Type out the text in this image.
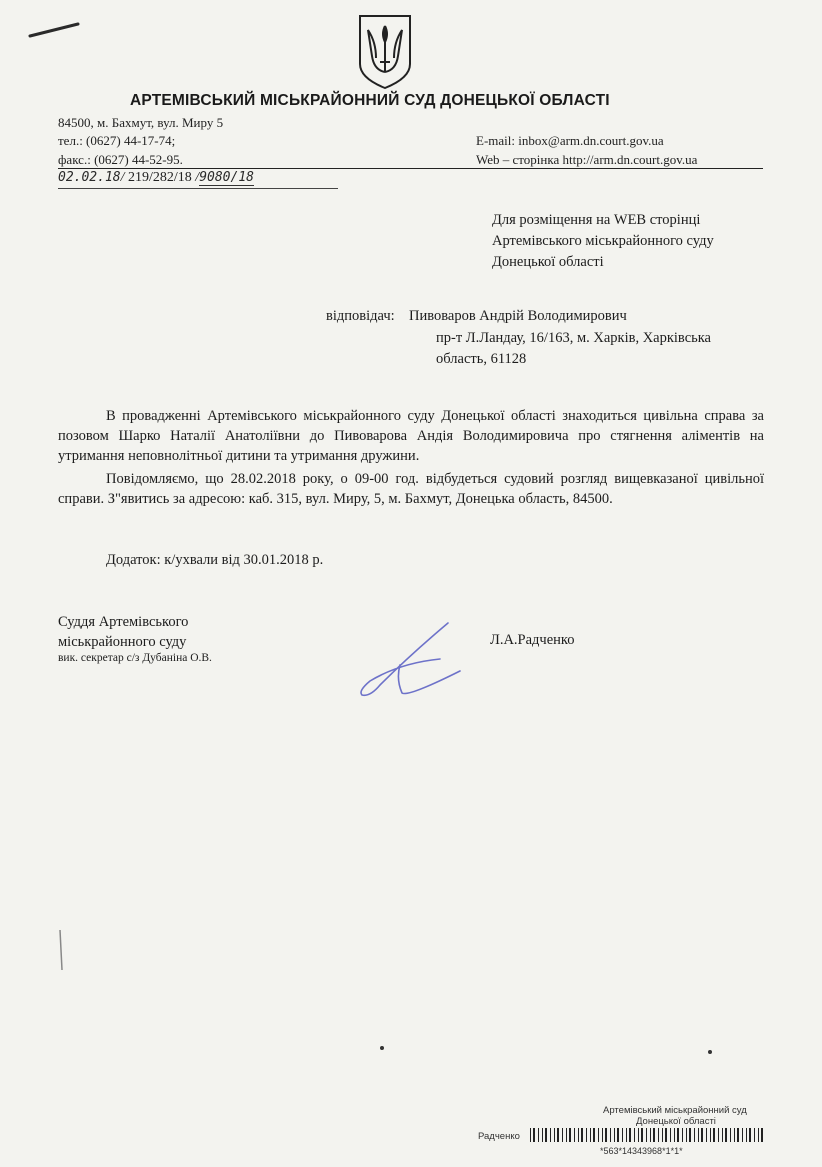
АРТЕМІВСЬКИЙ МІСЬКРАЙОННИЙ СУД ДОНЕЦЬКОЇ ОБЛАСТІ
84500, м. Бахмут, вул. Миру 5
тел.: (0627) 44-17-74;
факс.: (0627) 44-52-95.
E-mail: inbox@arm.dn.court.gov.ua
Web – сторінка http://arm.dn.court.gov.ua
02.02.18/ 219/282/18 /9080/18
Для розміщення на WEB сторінці
Артемівського міськрайонного суду
Донецької області
відповідач: Пивоваров Андрій Володимирович
пр-т Л.Ландау, 16/163, м. Харків, Харківська
область, 61128
В провадженні Артемівського міськрайонного суду Донецької області знаходиться цивільна справа за позовом Шарко Наталії Анатоліївни до Пивоварова Андія Володимировича про стягнення аліментів на утримання неповнолітньої дитини та утримання дружини.
Повідомляємо, що 28.02.2018 року, о 09-00 год. відбудеться судовий розгляд вищевказаної цивільної справи. З"явитись за адресою: каб. 315, вул. Миру, 5, м. Бахмут, Донецька область, 84500.
Додаток: к/ухвали від 30.01.2018 р.
Суддя Артемівського
міськрайонного суду
вик. секретар с/з Дубаніна О.В.
Л.А.Радченко
Артемівський міськрайонний суд
Донецької області
Радченко
*563*14343968*1*1*
